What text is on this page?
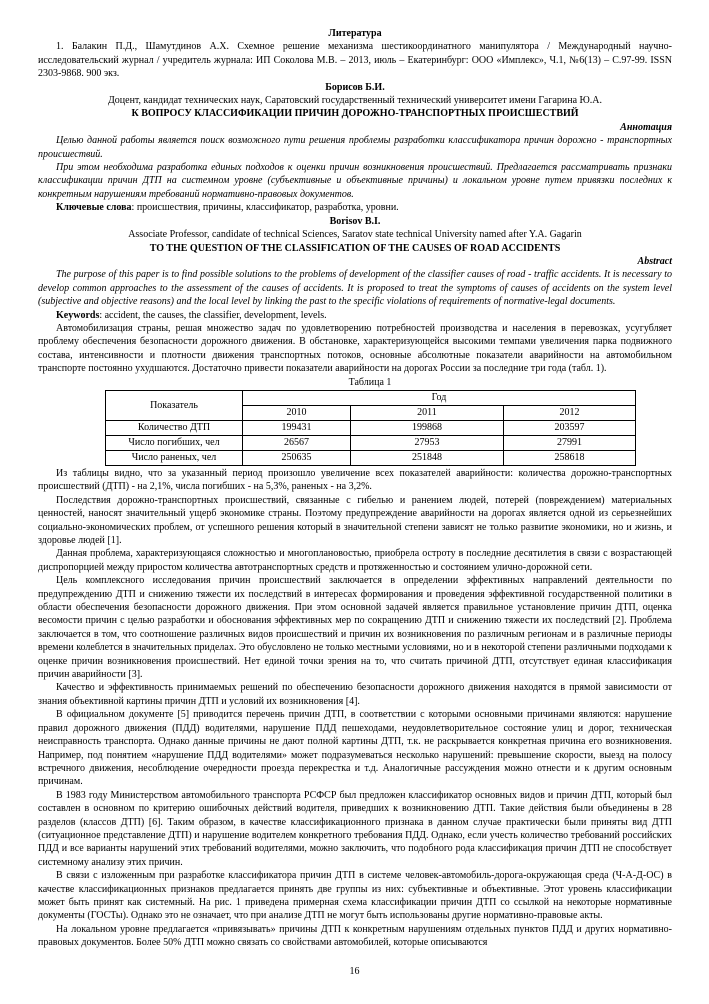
Литература

1. Балакин П.Д., Шамутдинов А.Х. Схемное решение механизма шестикоординатного манипулятора / Международный научно-исследовательский журнал / учредитель журнала: ИП Соколова М.В. – 2013, июль – Екатеринбург: ООО «Имплекс», Ч.1, №6(13) – С.97-99. ISSN 2303-9868. 900 экз.

Борисов Б.И.

Доцент, кандидат технических наук, Саратовский государственный технический университет имени Гагарина Ю.А.

К ВОПРОСУ КЛАССИФИКАЦИИ ПРИЧИН ДОРОЖНО-ТРАНСПОРТНЫХ ПРОИСШЕСТВИЙ

Аннотация

Целью данной работы является поиск возможного пути решения проблемы разработки классификатора причин дорожно - транспортных происшествий.

При этом необходима разработка единых подходов к оценки причин возникновения происшествий. Предлагается рассматривать признаки классификации причин ДТП на системном уровне (субъективные и объективные причины) и локальном уровне путем привязки последних к конкретным нарушениям требований нормативно-правовых документов.

Ключевые слова: происшествия, причины, классификатор, разработка, уровни.

Borisov B.I.

Associate Professor, candidate of technical Sciences, Saratov state technical University named after Y.A. Gagarin

TO THE QUESTION OF THE CLASSIFICATION OF THE CAUSES OF ROAD ACCIDENTS

Abstract

The purpose of this paper is to find possible solutions to the problems of development of the classifier causes of road - traffic accidents. It is necessary to develop common approaches to the assessment of the causes of accidents. It is proposed to treat the symptoms of causes of accidents on the system level (subjective and objective reasons) and the local level by linking the past to the specific violations of requirements of normative-legal documents.

Keywords: accident, the causes, the classifier, development, levels.

Автомобилизация страны, решая множество задач по удовлетворению потребностей производства и населения в перевозках, усугубляет проблему обеспечения безопасности дорожного движения. В обстановке, характеризующейся высокими темпами увеличения парка подвижного состава, интенсивности и плотности движения транспортных потоков, основные абсолютные показатели аварийности на автомобильном транспорте постоянно ухудшаются. Достаточно привести показатели аварийности на дорогах России за последние три года (табл. 1).

Таблица 1
Показатель	Год		
	2010	2011	2012
Количество ДТП	199431	199868	203597
Число погибших, чел	26567	27953	27991
Число раненых, чел	250635	251848	258618

Из таблицы видно, что за указанный период произошло увеличение всех показателей аварийности: количества дорожно-транспортных происшествий (ДТП) - на 2,1%, числа погибших - на 5,3%, раненых - на 3,2%.

Последствия дорожно-транспортных происшествий, связанные с гибелью и ранением людей, потерей (повреждением) материальных ценностей, наносят значительный ущерб экономике страны. Поэтому предупреждение аварийности на дорогах является одной из серьезнейших социально-экономических проблем, от успешного решения который в значительной степени зависят не только развитие экономики, но и жизнь, и здоровье людей [1].

Данная проблема, характеризующаяся сложностью и многоплановостью, приобрела остроту в последние десятилетия в связи с возрастающей диспропорцией между приростом количества автотранспортных средств и протяженностью и состоянием улично-дорожной сети.

Цель комплексного исследования причин происшествий заключается в определении эффективных направлений деятельности по предупреждению ДТП и снижению тяжести их последствий в интересах формирования и проведения эффективной государственной политики в области обеспечения безопасности дорожного движения. При этом основной задачей является правильное установление причин ДТП, оценка весомости причин с целью разработки и обоснования эффективных мер по сокращению ДТП и снижению тяжести их последствий [2]. Проблема заключается в том, что соотношение различных видов происшествий и причин их возникновения по различным регионам и в различные периоды времени колеблется в значительных приделах. Это обусловлено не только местными условиями, но и в некоторой степени различными подходами к оценке причин возникновения происшествий. Нет единой точки зрения на то, что считать причиной ДТП, отсутствует единая классификация причин аварийности [3].

Качество и эффективность принимаемых решений по обеспечению безопасности дорожного движения находятся в прямой зависимости от знания объективной картины причин ДТП и условий их возникновения [4].

В официальном документе [5] приводится перечень причин ДТП, в соответствии с которыми основными причинами являются: нарушение правил дорожного движения (ПДД) водителями, нарушение ПДД пешеходами, неудовлетворительное состояние улиц и дорог, техническая неисправность транспорта. Однако данные причины не дают полной картины ДТП, т.к. не раскрывается конкретная причина его возникновения. Например, под понятием «нарушение ПДД водителями» может подразумеваться несколько нарушений: превышение скорости, выезд на полосу встречного движения, несоблюдение очередности проезда перекрестка и т.д. Аналогичные рассуждения можно отнести и к другим основным причинам.

В 1983 году Министерством автомобильного транспорта РСФСР был предложен классификатор основных видов и причин ДТП, который был составлен в основном по критерию ошибочных действий водителя, приведших к возникновению ДТП. Такие действия были объединены в 28 разделов (классов ДТП) [6]. Таким образом, в качестве классификационного признака в данном случае практически были приняты вид ДТП (ситуационное представление ДТП) и нарушение водителем конкретного требования ПДД. Однако, если учесть количество требований российских ПДД и все варианты нарушений этих требований водителями, можно заключить, что подобного рода классификация причин ДТП не способствует системному анализу этих причин.

В связи с изложенным при разработке классификатора причин ДТП в системе человек-автомобиль-дорога-окружающая среда (Ч-А-Д-ОС) в качестве классификационных признаков предлагается принять две группы из них: субъективные и объективные. Этот уровень классификации может быть принят как системный. На рис. 1 приведена примерная схема классификации причин ДТП со ссылкой на некоторые нормативные документы (ГОСТы). Однако это не означает, что при анализе ДТП не могут быть использованы другие нормативно-правовые акты.

На локальном уровне предлагается «привязывать» причины ДТП к конкретным нарушениям отдельных пунктов ПДД и других нормативно-правовых документов. Более 50% ДТП можно связать со свойствами автомобилей, которые описываются

16
